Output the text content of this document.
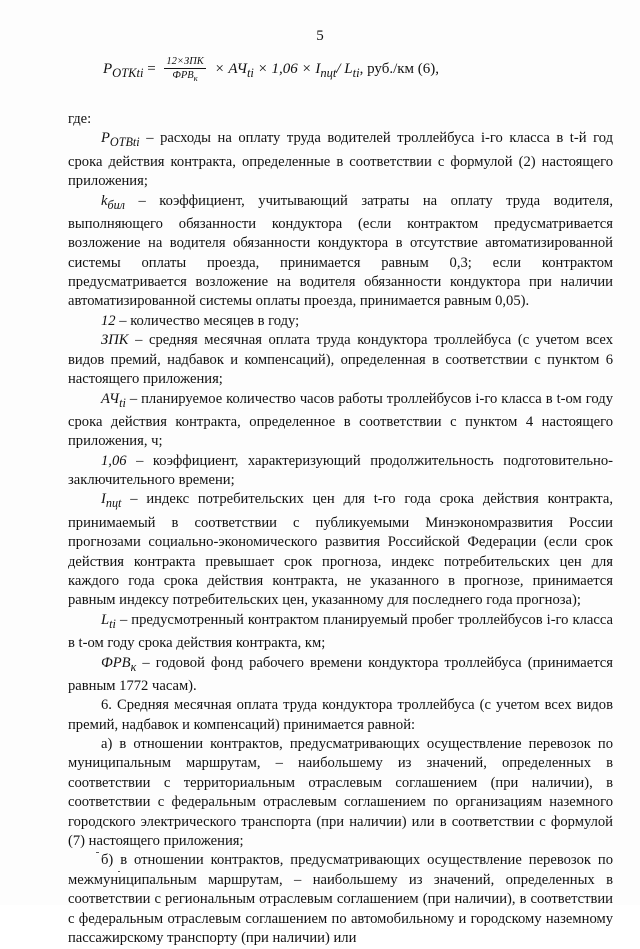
5
$P_{OTKti} = \frac{\text{12×ЗПК}}{ФРВ_к} \times АЧ_{ti} \times 1,06 \times I_{пцt}/$ $L_{ti}$, руб./км (6),

где:

$P_{OTBti}$ – расходы на оплату труда водителей троллейбуса i-го класса в t-й год срока действия контракта, определенные в соответствии с формулой (2) настоящего приложения;

$k_{бил}$ – коэффициент, учитывающий затраты на оплату труда водителя, выполняющего обязанности кондуктора (если контрактом предусматривается возложение на водителя обязанности кондуктора в отсутствие автоматизированной системы оплаты проезда, принимается равным 0,3; если контрактом предусматривается возложение на водителя обязанности кондуктора при наличии автоматизированной системы оплаты проезда, принимается равным 0,05).

12 – количество месяцев в году;

ЗПК – средняя месячная оплата труда кондуктора троллейбуса (с учетом всех видов премий, надбавок и компенсаций), определенная в соответствии с пунктом 6 настоящего приложения;

$АЧ_{ti}$ – планируемое количество часов работы троллейбусов i-го класса в t-ом году срока действия контракта, определенное в соответствии с пунктом 4 настоящего приложения, ч;

1,06 – коэффициент, характеризующий продолжительность подготовительно-заключительного времени;

$I_{пцt}$ – индекс потребительских цен для t-го года срока действия контракта, принимаемый в соответствии с публикуемыми Минэкономразвития России прогнозами социально-экономического развития Российской Федерации (если срок действия контракта превышает срок прогноза, индекс потребительских цен для каждого года срока действия контракта, не указанного в прогнозе, принимается равным индексу потребительских цен, указанному для последнего года прогноза);

$L_{ti}$ – предусмотренный контрактом планируемый пробег троллейбусов i-го класса в t-ом году срока действия контракта, км;

$ФРВ_к$ – годовой фонд рабочего времени кондуктора троллейбуса (принимается равным 1772 часам).

6. Средняя месячная оплата труда кондуктора троллейбуса (с учетом всех видов премий, надбавок и компенсаций) принимается равной:

а) в отношении контрактов, предусматривающих осуществление перевозок по муниципальным маршрутам, – наибольшему из значений, определенных в соответствии с территориальным отраслевым соглашением (при наличии), в соответствии с федеральным отраслевым соглашением по организациям наземного городского электрического транспорта (при наличии) или в соответствии с формулой (7) настоящего приложения;

б) в отношении контрактов, предусматривающих осуществление перевозок по межмуниципальным маршрутам, – наибольшему из значений, определенных в соответствии с региональным отраслевым соглашением (при наличии), в соответствии с федеральным отраслевым соглашением по автомобильному и городскому наземному пассажирскому транспорту (при наличии) или
